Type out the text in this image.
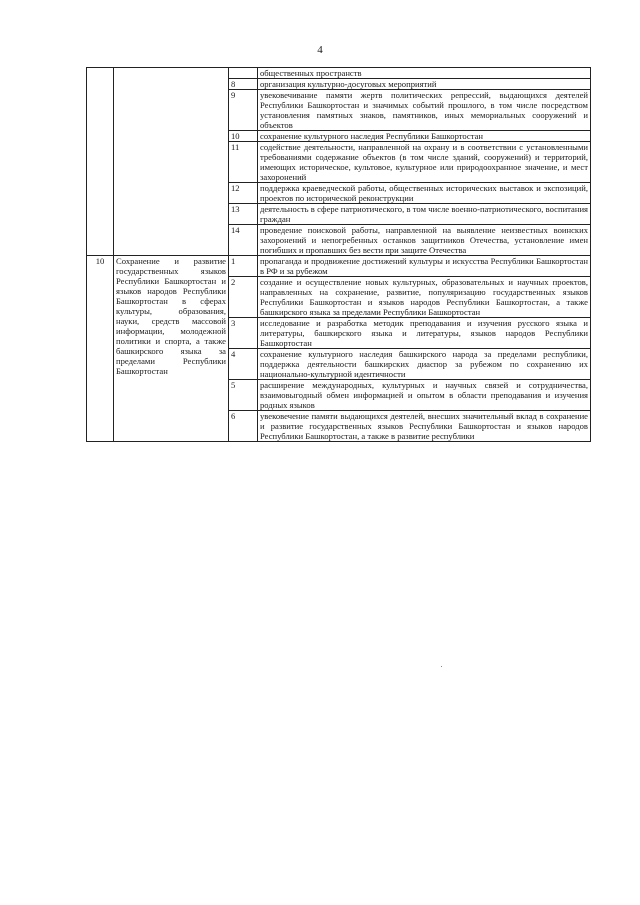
4
			общественных пространств
		8	организация культурно-досуговых мероприятий
		9	увековечивание памяти жертв политических репрессий, выдающихся деятелей Республики Башкортостан и значимых событий прошлого, в том числе посредством установления памятных знаков, памятников, иных мемориальных сооружений и объектов
		10	сохранение культурного наследия Республики Башкортостан
		11	содействие деятельности, направленной на охрану и в соответствии с установленными требованиями содержание объектов (в том числе зданий, сооружений) и территорий, имеющих историческое, культовое, культурное или природоохранное значение, и мест захоронений
		12	поддержка краеведческой работы, общественных исторических выставок и экспозиций, проектов по исторической реконструкции
		13	деятельность в сфере патриотического, в том числе военно-патриотического, воспитания граждан
		14	проведение поисковой работы, направленной на выявление неизвестных воинских захоронений и непогребенных останков защитников Отечества, установление имен погибших и пропавших без вести при защите Отечества
10	Сохранение и развитие государственных языков Республики Башкортостан и языков народов Республики Башкортостан в сферах культуры, образования, науки, средств массовой информации, молодежной политики и спорта, а также башкирского языка за пределами Республики Башкортостан	1	пропаганда и продвижение достижений культуры и искусства Республики Башкортостан в РФ и за рубежом
		2	создание и осуществление новых культурных, образовательных и научных проектов, направленных на сохранение, развитие, популяризацию государственных языков Республики Башкортостан и языков народов Республики Башкортостан, а также башкирского языка за пределами Республики Башкортостан
		3	исследование и разработка методик преподавания и изучения русского языка и литературы, башкирского языка и литературы, языков народов Республики Башкортостан
		4	сохранение культурного наследия башкирского народа за пределами республики, поддержка деятельности башкирских диаспор за рубежом по сохранению их национально-культурной идентичности
		5	расширение международных, культурных и научных связей и сотрудничества, взаимовыгодный обмен информацией и опытом в области преподавания и изучения родных языков
		6	увековечение памяти выдающихся деятелей, внесших значительный вклад в сохранение и развитие государственных языков Республики Башкортостан и языков народов Республики Башкортостан, а также в развитие республики
